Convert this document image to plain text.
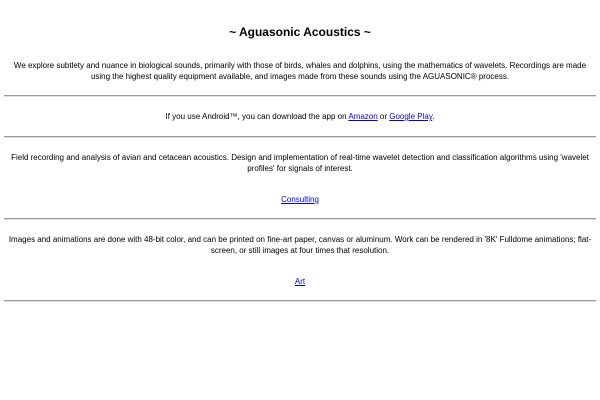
~ Aguasonic Acoustics ~

We explore subtlety and nuance in biological sounds, primarily with those of birds, whales and dolphins, using the mathematics of wavelets. Recordings are made using the highest quality equipment available, and images made from these sounds using the AGUASONIC® process.

If you use Android™, you can download the app on Amazon or Google Play.

Field recording and analysis of avian and cetacean acoustics. Design and implementation of real-time wavelet detection and classification algorithms using 'wavelet profiles' for signals of interest.

Consulting

Images and animations are done with 48-bit color, and can be printed on fine-art paper, canvas or aluminum. Work can be rendered in '8K' Fulldome animations; flat-screen, or still images at four times that resolution.

Art
